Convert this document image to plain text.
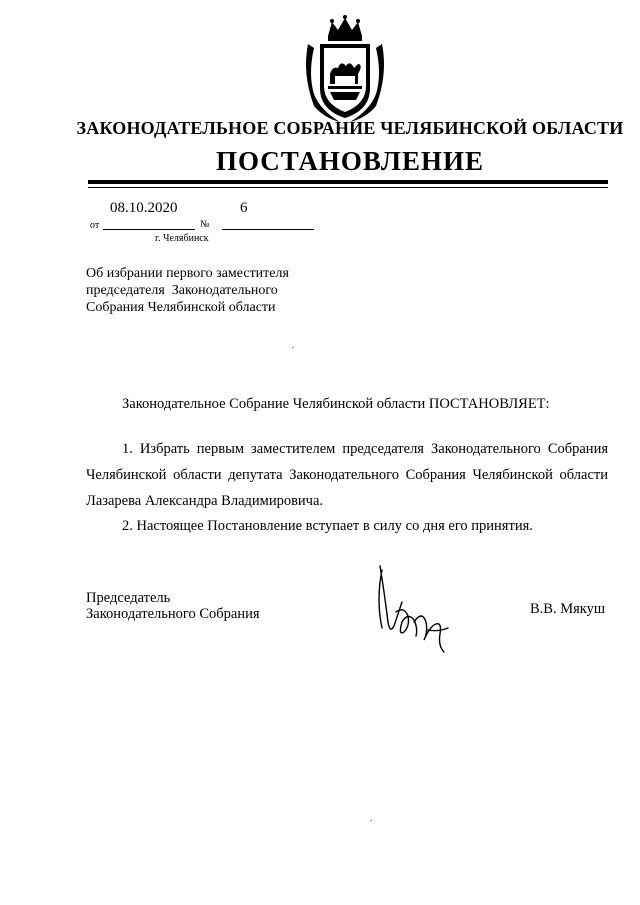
ЗАКОНОДАТЕЛЬНОЕ СОБРАНИЕ ЧЕЛЯБИНСКОЙ ОБЛАСТИ
ПОСТАНОВЛЕНИЕ
08.10.2020	6
от	№
г. Челябинск
Об избрании первого заместителя
председателя  Законодательного
Собрания Челябинской области
Законодательное Собрание Челябинской области ПОСТАНОВЛЯЕТ:
1. Избрать первым заместителем председателя Законодательного Собрания
Челябинской области депутата Законодательного Собрания Челябинской области
Лазарева Александра Владимировича.
2. Настоящее Постановление вступает в силу со дня его принятия.
Председатель
Законодательного Собрания	В.В. Мякуш
